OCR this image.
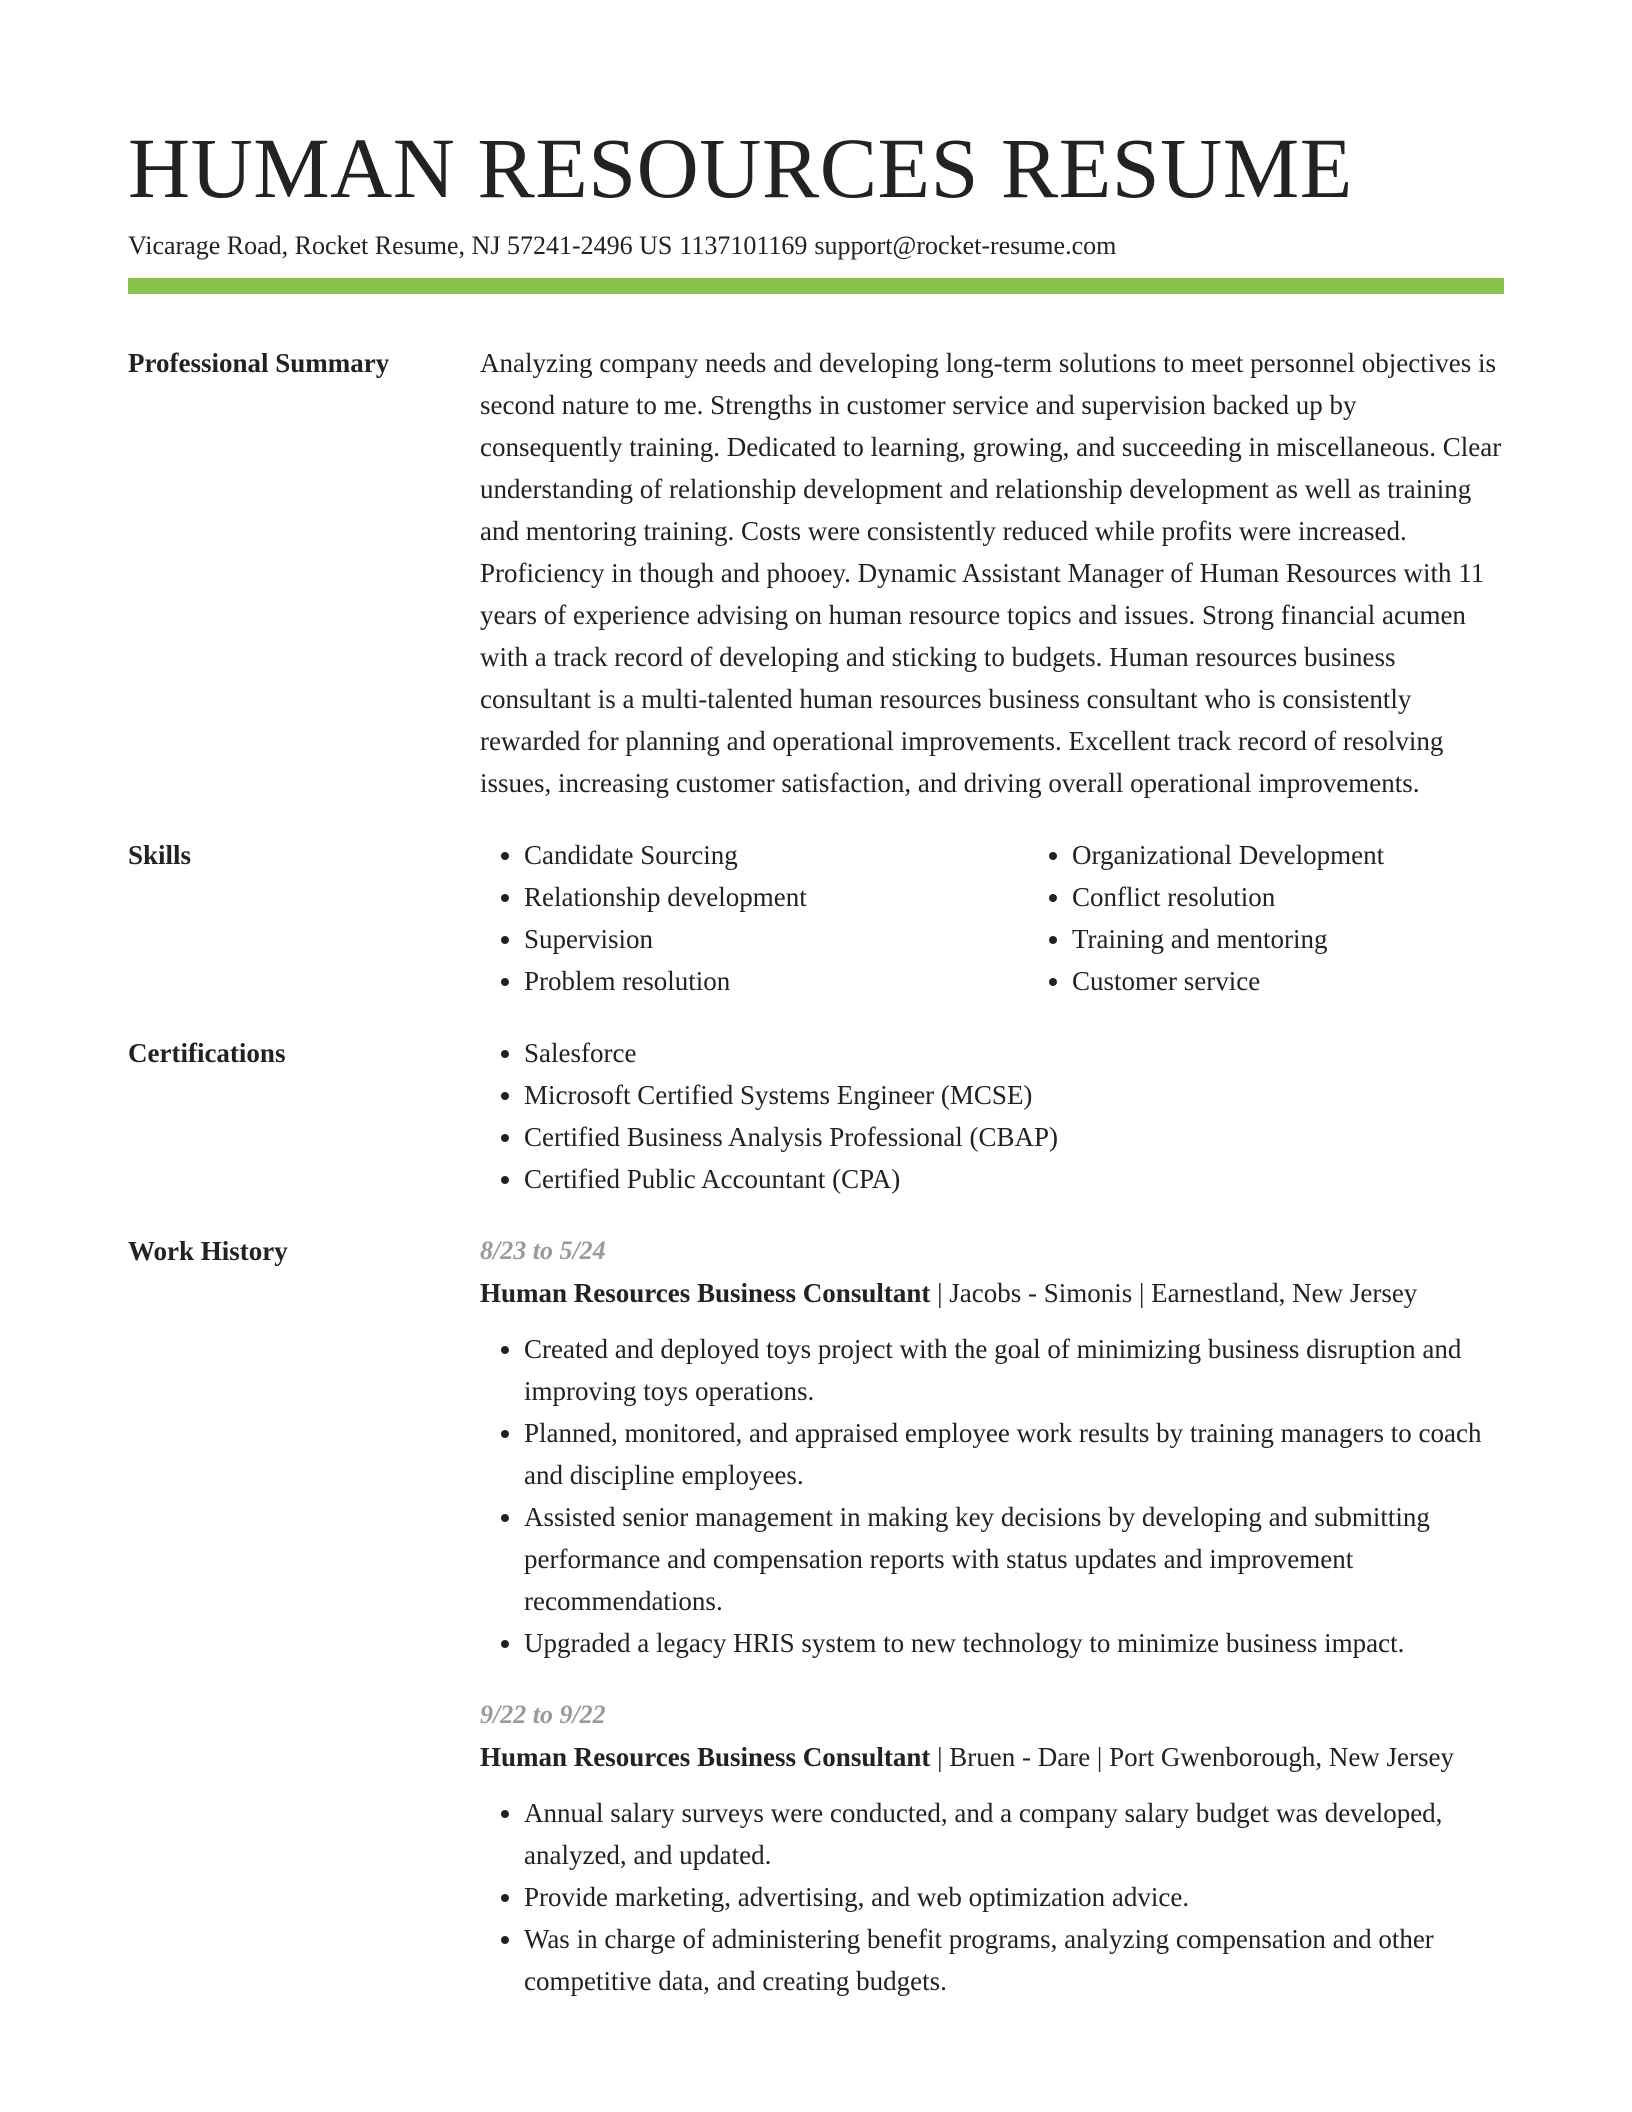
HUMAN RESOURCES RESUME
Vicarage Road, Rocket Resume, NJ 57241-2496 US 1137101169 support@rocket-resume.com
Professional Summary	Analyzing company needs and developing long-term solutions to meet personnel objectives is second nature to me. Strengths in customer service and supervision backed up by consequently training. Dedicated to learning, growing, and succeeding in miscellaneous. Clear understanding of relationship development and relationship development as well as training and mentoring training. Costs were consistently reduced while profits were increased. Proficiency in though and phooey. Dynamic Assistant Manager of Human Resources with 11 years of experience advising on human resource topics and issues. Strong financial acumen with a track record of developing and sticking to budgets. Human resources business consultant is a multi-talented human resources business consultant who is consistently rewarded for planning and operational improvements. Excellent track record of resolving issues, increasing customer satisfaction, and driving overall operational improvements.

Skills	• Candidate Sourcing
• Relationship development
• Supervision
• Problem resolution
• Organizational Development
• Conflict resolution
• Training and mentoring
• Customer service
Certifications	• Salesforce
• Microsoft Certified Systems Engineer (MCSE)
• Certified Business Analysis Professional (CBAP)
• Certified Public Accountant (CPA)
Work History	8/23 to 5/24
Human Resources Business Consultant | Jacobs - Simonis | Earnestland, New Jersey
• Created and deployed toys project with the goal of minimizing business disruption and improving toys operations.
• Planned, monitored, and appraised employee work results by training managers to coach and discipline employees.
• Assisted senior management in making key decisions by developing and submitting performance and compensation reports with status updates and improvement recommendations.
• Upgraded a legacy HRIS system to new technology to minimize business impact.
9/22 to 9/22
Human Resources Business Consultant | Bruen - Dare | Port Gwenborough, New Jersey
• Annual salary surveys were conducted, and a company salary budget was developed, analyzed, and updated.
• Provide marketing, advertising, and web optimization advice.
• Was in charge of administering benefit programs, analyzing compensation and other competitive data, and creating budgets.
